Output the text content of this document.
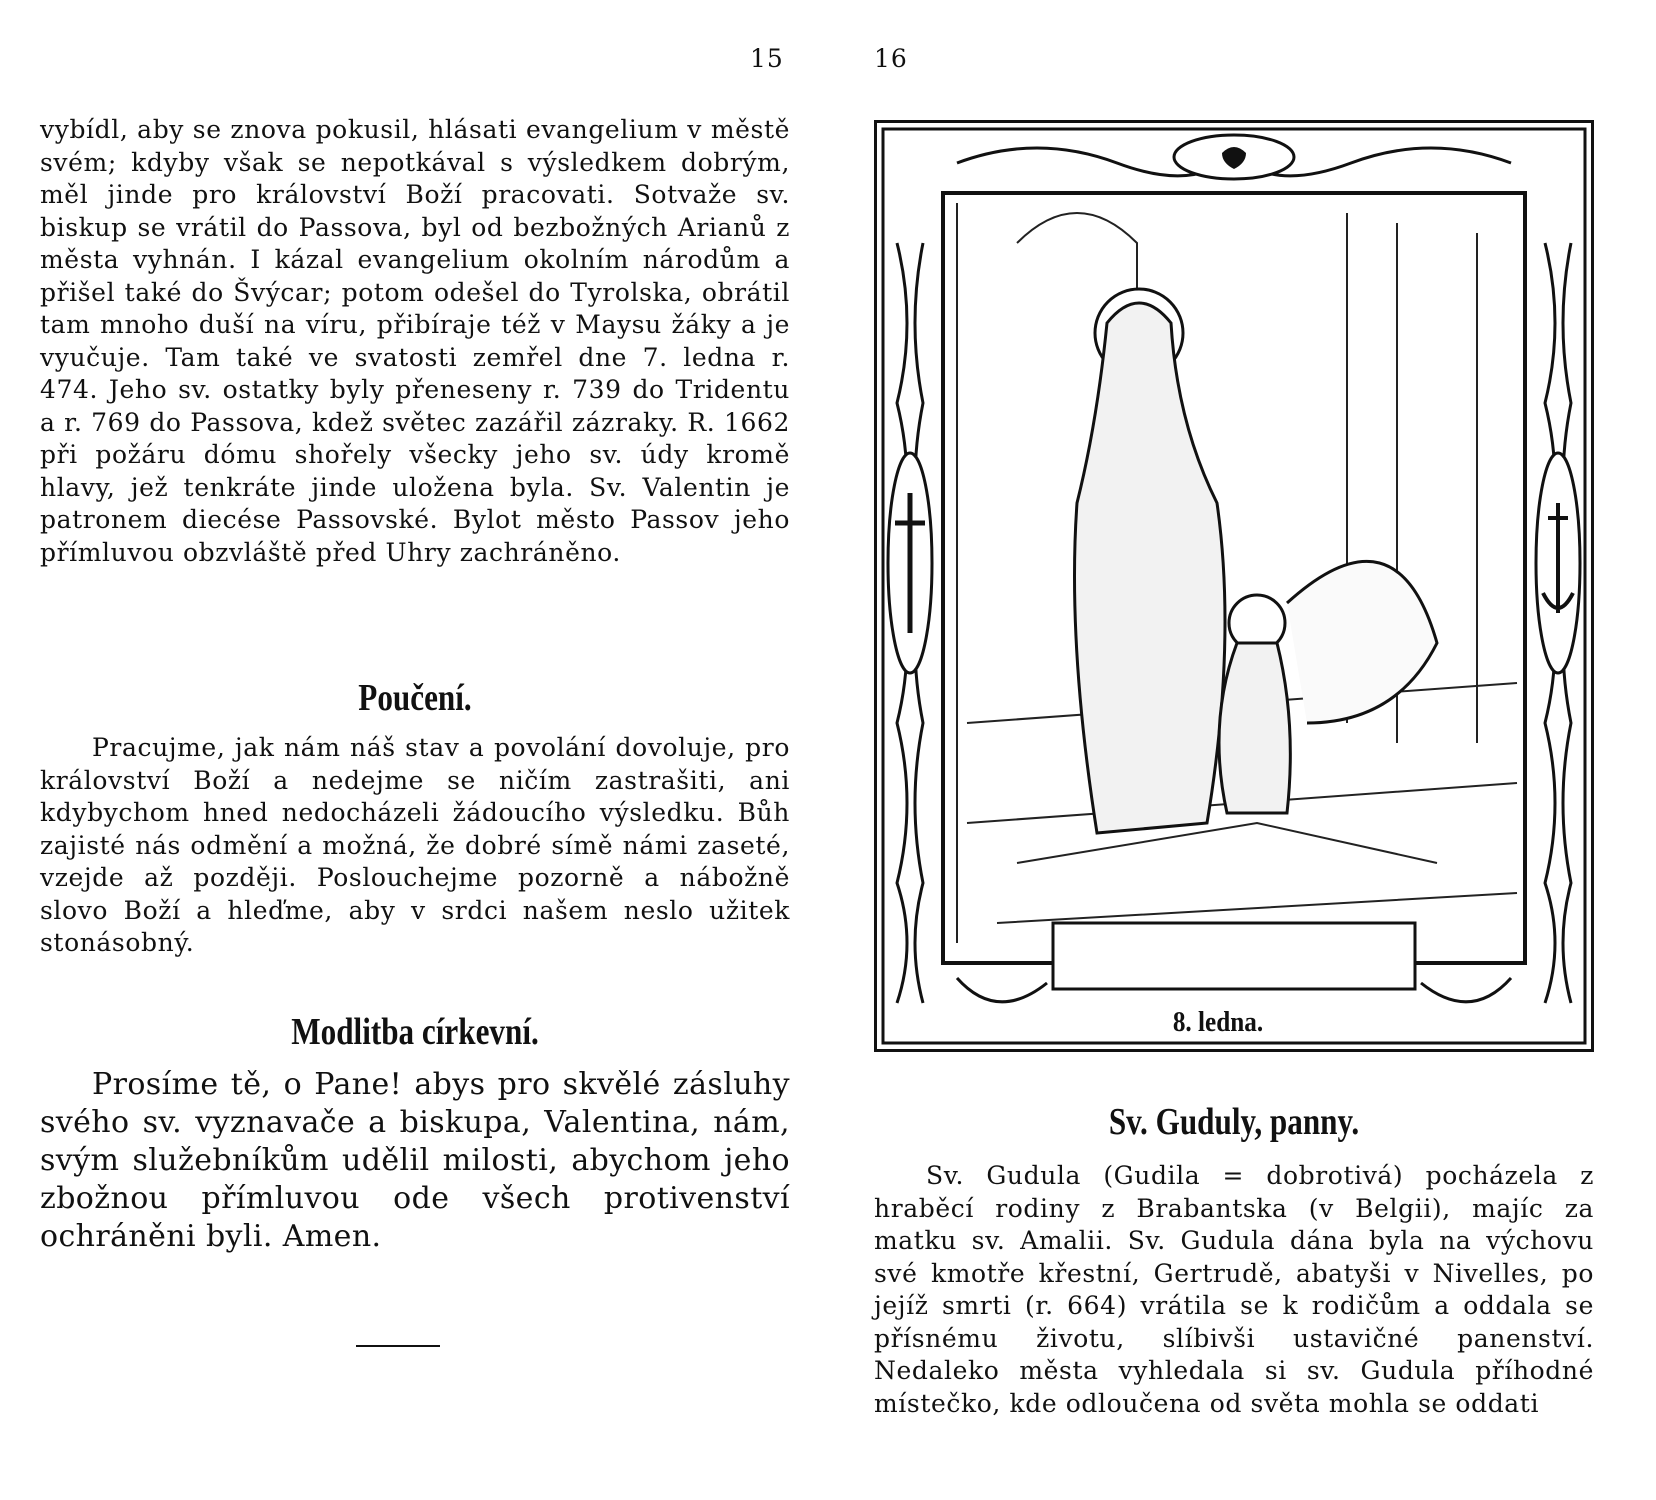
15	16

vybídl, aby se znova pokusil, hlásati evangelium v městě svém; kdyby však se nepotkával s výsledkem dobrým, měl jinde pro království Boží pracovati. Sotvaže sv. biskup se vrátil do Passova, byl od bezbožných Arianů z města vyhnán. I kázal evangelium okolním národům a přišel také do Švýcar; potom odešel do Tyrolska, obrátil tam mnoho duší na víru, přibíraje též v Maysu žáky a je vyučuje. Tam také ve svatosti zemřel dne 7. ledna r. 474. Jeho sv. ostatky byly přeneseny r. 739 do Tridentu a r. 769 do Passova, kdež světec zazářil zázraky. R. 1662 při požáru dómu shořely všecky jeho sv. údy kromě hlavy, jež tenkráte jinde uložena byla. Sv. Valentin je patronem diecése Passovské. Bylot město Passov jeho přímluvou obzvláště před Uhry zachráněno.

Poučení.

Pracujme, jak nám náš stav a povolání dovoluje, pro království Boží a nedejme se ničím zastrašiti, ani kdybychom hned nedocházeli žádoucího výsledku. Bůh zajisté nás odmění a možná, že dobré símě námi zaseté, vzejde až později. Poslouchejme pozorně a nábožně slovo Boží a hleďme, aby v srdci našem neslo užitek stonásobný.

Modlitba církevní.

Prosíme tě, o Pane! abys pro skvělé zásluhy svého sv. vyznavače a biskupa, Valentina, nám, svým služebníkům udělil milosti, abychom jeho zbožnou přímluvou ode všech protivenství ochráněni byli. Amen.

8. ledna.
Sv. Guduly, panny.

Sv. Gudula (Gudila = dobrotivá) pocházela z hraběcí rodiny z Brabantska (v Belgii), majíc za matku sv. Amalii. Sv. Gudula dána byla na výchovu své kmotře křestní, Gertrudě, abatyši v Nivelles, po jejíž smrti (r. 664) vrátila se k rodičům a oddala se přísnému životu, slíbivši ustavičné panenství. Nedaleko města vyhledala si sv. Gudula příhodné místečko, kde odloučena od světa mohla se oddati
